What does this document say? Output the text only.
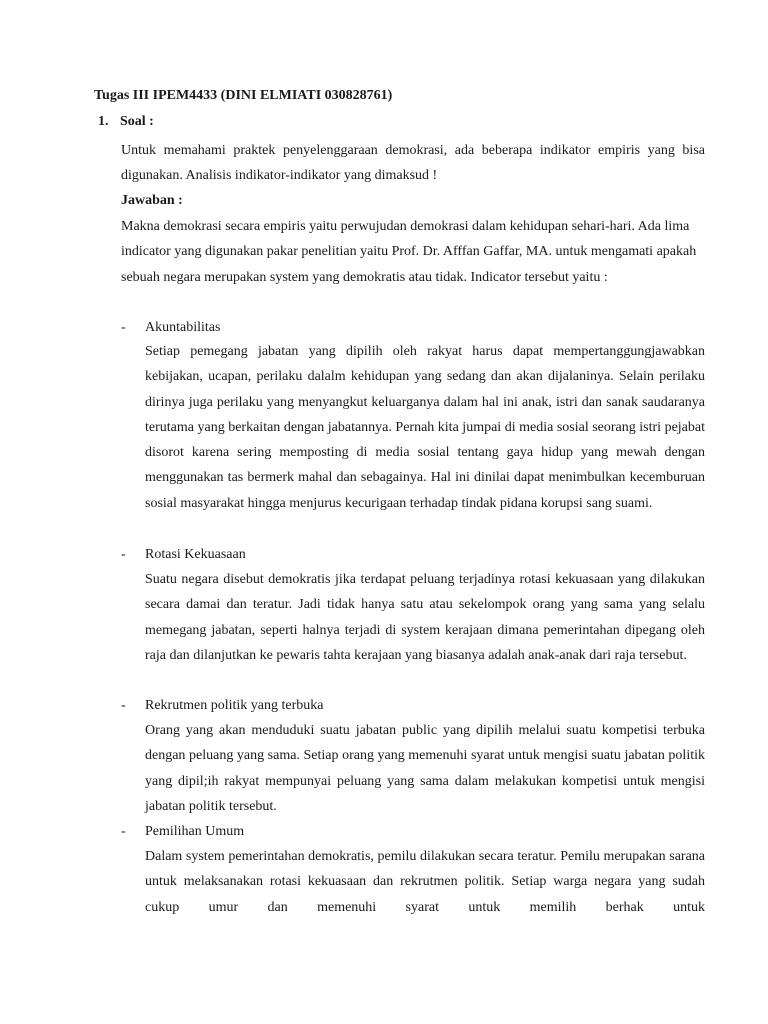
Tugas III IPEM4433 (DINI ELMIATI 030828761)
1. Soal :
Untuk memahami praktek penyelenggaraan demokrasi, ada beberapa indikator empiris yang bisa digunakan. Analisis indikator-indikator yang dimaksud !
Jawaban :
Makna demokrasi secara empiris yaitu perwujudan demokrasi dalam kehidupan sehari-hari. Ada lima indicator yang digunakan pakar penelitian yaitu Prof. Dr. Afffan Gaffar, MA. untuk mengamati apakah sebuah negara merupakan system yang demokratis atau tidak. Indicator tersebut yaitu :
- Akuntabilitas
Setiap pemegang jabatan yang dipilih oleh rakyat harus dapat mempertanggungjawabkan kebijakan, ucapan, perilaku dalalm kehidupan yang sedang dan akan dijalaninya. Selain perilaku dirinya juga perilaku yang menyangkut keluarganya dalam hal ini anak, istri dan sanak saudaranya terutama yang berkaitan dengan jabatannya. Pernah kita jumpai di media sosial seorang istri pejabat disorot karena sering memposting di media sosial tentang gaya hidup yang mewah dengan menggunakan tas bermerk mahal dan sebagainya. Hal ini dinilai dapat menimbulkan kecemburuan sosial masyarakat hingga menjurus kecurigaan terhadap tindak pidana korupsi sang suami.
- Rotasi Kekuasaan
Suatu negara disebut demokratis jika terdapat peluang terjadinya rotasi kekuasaan yang dilakukan secara damai dan teratur. Jadi tidak hanya satu atau sekelompok orang yang sama yang selalu memegang jabatan, seperti halnya terjadi di system kerajaan dimana pemerintahan dipegang oleh raja dan dilanjutkan ke pewaris tahta kerajaan yang biasanya adalah anak-anak dari raja tersebut.
- Rekrutmen politik yang terbuka
Orang yang akan menduduki suatu jabatan public yang dipilih melalui suatu kompetisi terbuka dengan peluang yang sama. Setiap orang yang memenuhi syarat untuk mengisi suatu jabatan politik yang dipil;ih rakyat mempunyai peluang yang sama dalam melakukan kompetisi untuk mengisi jabatan politik tersebut.
- Pemilihan Umum
Dalam system pemerintahan demokratis, pemilu dilakukan secara teratur. Pemilu merupakan sarana untuk melaksanakan rotasi kekuasaan dan rekrutmen politik. Setiap warga negara yang sudah cukup umur dan memenuhi syarat untuk memilih berhak untuk
